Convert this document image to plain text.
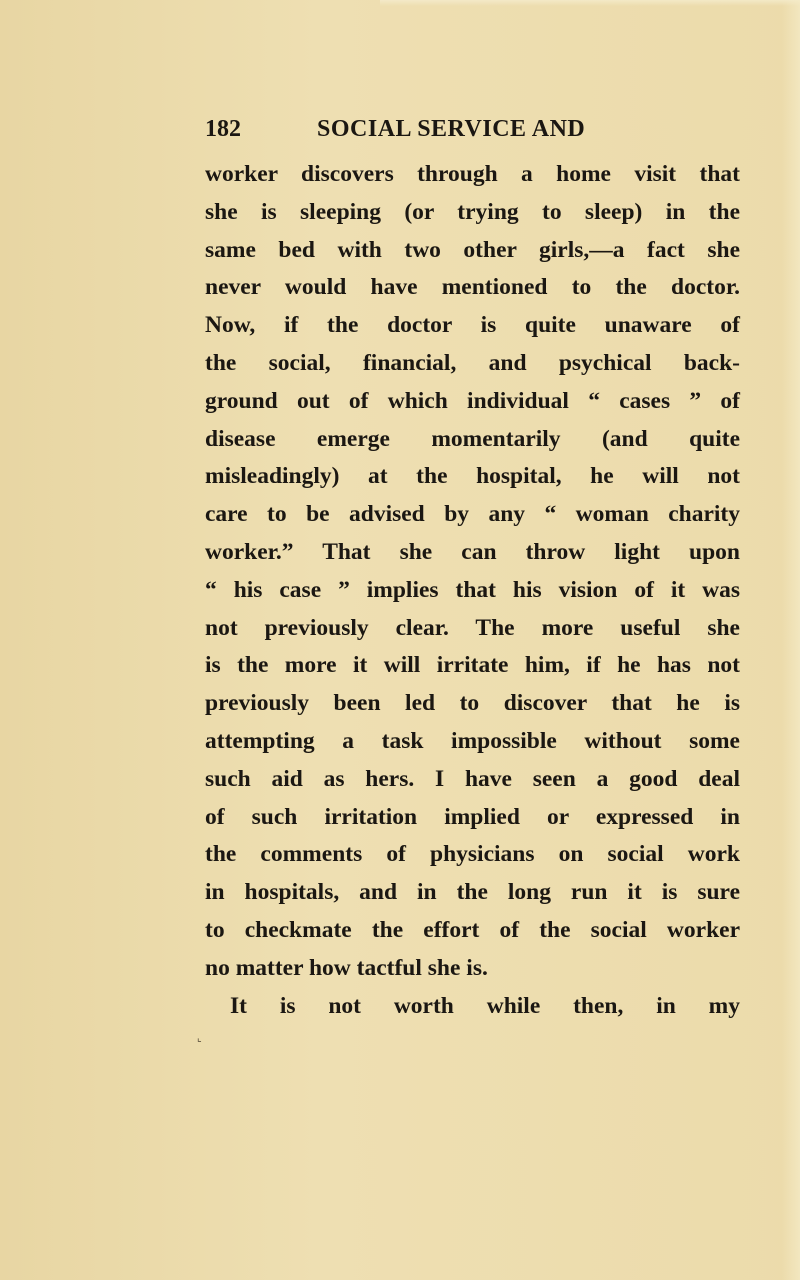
182	SOCIAL SERVICE AND
worker discovers through a home visit that
she is sleeping (or trying to sleep) in the
same bed with two other girls,—a fact she
never would have mentioned to the doctor.
Now, if the doctor is quite unaware of
the social, financial, and psychical back-
ground out of which individual “ cases ” of
disease emerge momentarily (and quite
misleadingly) at the hospital, he will not
care to be advised by any “ woman charity
worker.” That she can throw light upon
“ his case ” implies that his vision of it was
not previously clear. The more useful she
is the more it will irritate him, if he has not
previously been led to discover that he is
attempting a task impossible without some
such aid as hers. I have seen a good deal
of such irritation implied or expressed in
the comments of physicians on social work
in hospitals, and in the long run it is sure
to checkmate the effort of the social worker
no matter how tactful she is.
It is not worth while then, in my
⌞
